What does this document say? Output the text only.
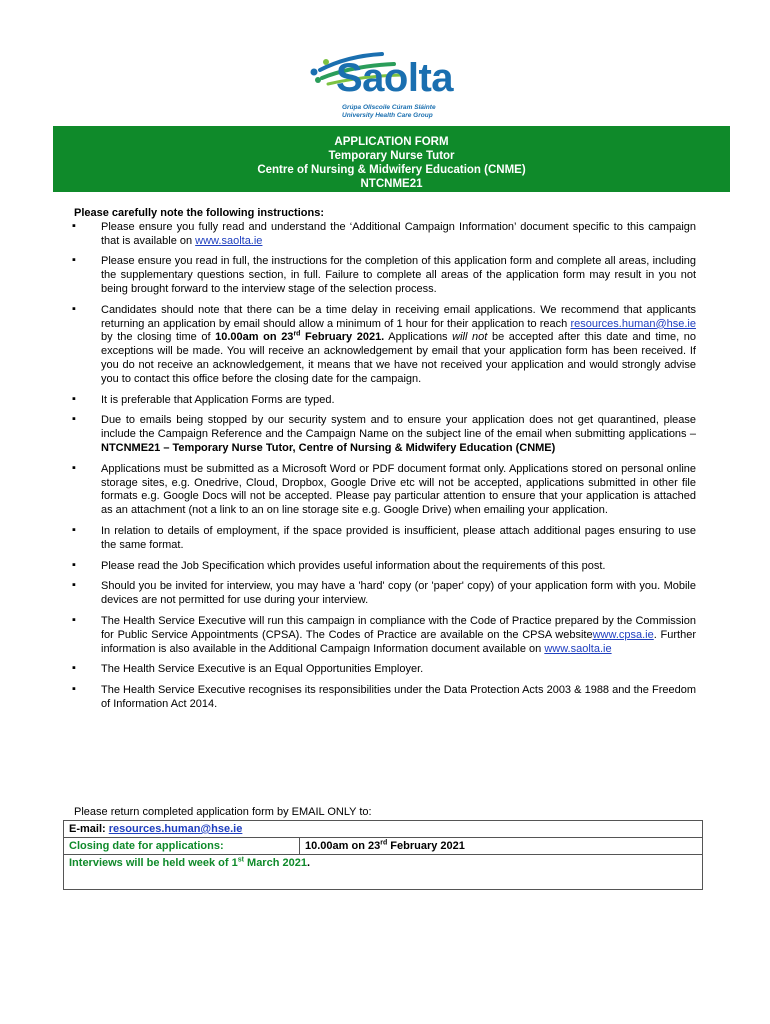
Saolta
Grúpa Ollscoile Cúram Sláinte
University Health Care Group
APPLICATION FORM
Temporary Nurse Tutor
Centre of Nursing & Midwifery Education (CNME)
NTCNME21
Please carefully note the following instructions:
▪ Please ensure you fully read and understand the ‘Additional Campaign Information’ document specific to this campaign that is available on www.saolta.ie
▪ Please ensure you read in full, the instructions for the completion of this application form and complete all areas, including the supplementary questions section, in full. Failure to complete all areas of the application form may result in you not being brought forward to the interview stage of the selection process.
▪ Candidates should note that there can be a time delay in receiving email applications. We recommend that applicants returning an application by email should allow a minimum of 1 hour for their application to reach resources.human@hse.ie by the closing time of 10.00am on 23rd February 2021. Applications will not be accepted after this date and time, no exceptions will be made. You will receive an acknowledgement by email that your application form has been received. If you do not receive an acknowledgement, it means that we have not received your application and would strongly advise you to contact this office before the closing date for the campaign.
▪ It is preferable that Application Forms are typed.
▪ Due to emails being stopped by our security system and to ensure your application does not get quarantined, please include the Campaign Reference and the Campaign Name on the subject line of the email when submitting applications – NTCNME21 – Temporary Nurse Tutor, Centre of Nursing & Midwifery Education (CNME)
▪ Applications must be submitted as a Microsoft Word or PDF document format only. Applications stored on personal online storage sites, e.g. Onedrive, Cloud, Dropbox, Google Drive etc will not be accepted, applications submitted in other file formats e.g. Google Docs will not be accepted. Please pay particular attention to ensure that your application is attached as an attachment (not a link to an on line storage site e.g. Google Drive) when emailing your application.
▪ In relation to details of employment, if the space provided is insufficient, please attach additional pages ensuring to use the same format.
▪ Please read the Job Specification which provides useful information about the requirements of this post.
▪ Should you be invited for interview, you may have a 'hard' copy (or 'paper' copy) of your application form with you. Mobile devices are not permitted for use during your interview.
▪ The Health Service Executive will run this campaign in compliance with the Code of Practice prepared by the Commission for Public Service Appointments (CPSA). The Codes of Practice are available on the CPSA websitewww.cpsa.ie. Further information is also available in the Additional Campaign Information document available on www.saolta.ie
▪ The Health Service Executive is an Equal Opportunities Employer.
▪ The Health Service Executive recognises its responsibilities under the Data Protection Acts 2003 & 1988 and the Freedom of Information Act 2014.
Please return completed application form by EMAIL ONLY to:
E-mail: resources.human@hse.ie
Closing date for applications:	10.00am on 23rd February 2021
Interviews will be held week of 1st March 2021.
